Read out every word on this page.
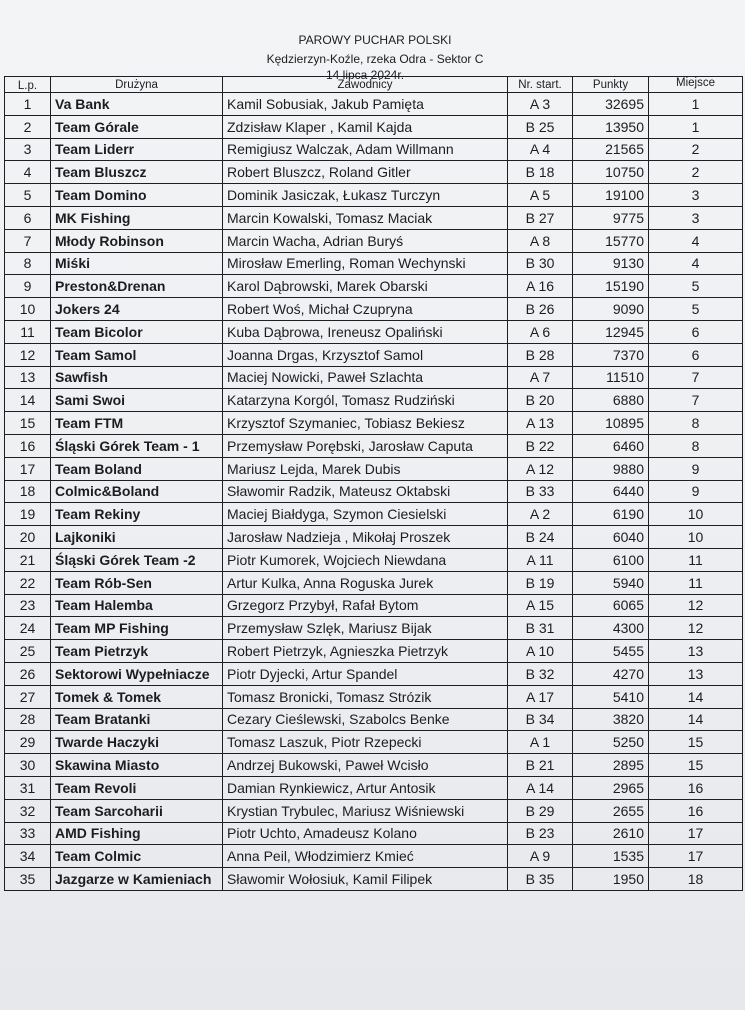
PAROWY PUCHAR POLSKI
Kędzierzyn-Koźle, rzeka Odra - Sektor C
14 lipca 2024r.
L.p.	Drużyna	Zawodnicy	Nr. start.	Punkty	Miejsce
1	Va Bank	Kamil Sobusiak, Jakub Pamięta	A 3	32695	1
2	Team Górale	Zdzisław Klaper , Kamil Kajda	B 25	13950	1
3	Team Liderr	Remigiusz Walczak, Adam Willmann	A 4	21565	2
4	Team Bluszcz	Robert Bluszcz, Roland Gitler	B 18	10750	2
5	Team Domino	Dominik Jasiczak, Łukasz Turczyn	A 5	19100	3
6	MK Fishing	Marcin Kowalski, Tomasz Maciak	B 27	9775	3
7	Młody Robinson	Marcin Wacha, Adrian Buryś	A 8	15770	4
8	Miśki	Mirosław Emerling, Roman Wechynski	B 30	9130	4
9	Preston&Drenan	Karol Dąbrowski, Marek Obarski	A 16	15190	5
10	Jokers 24	Robert Woś, Michał Czupryna	B 26	9090	5
11	Team Bicolor	Kuba Dąbrowa, Ireneusz Opaliński	A 6	12945	6
12	Team Samol	Joanna Drgas, Krzysztof Samol	B 28	7370	6
13	Sawfish	Maciej Nowicki, Paweł Szlachta	A 7	11510	7
14	Sami Swoi	Katarzyna Korgól, Tomasz Rudziński	B 20	6880	7
15	Team FTM	Krzysztof Szymaniec, Tobiasz Bekiesz	A 13	10895	8
16	Śląski Górek Team - 1	Przemysław Porębski, Jarosław Caputa	B 22	6460	8
17	Team Boland	Mariusz Lejda, Marek Dubis	A 12	9880	9
18	Colmic&Boland	Sławomir Radzik, Mateusz Oktabski	B 33	6440	9
19	Team Rekiny	Maciej Białdyga, Szymon Ciesielski	A 2	6190	10
20	Lajkoniki	Jarosław Nadzieja , Mikołaj Proszek	B 24	6040	10
21	Śląski Górek Team -2	Piotr Kumorek, Wojciech Niewdana	A 11	6100	11
22	Team Rób-Sen	Artur Kulka, Anna Roguska Jurek	B 19	5940	11
23	Team Halemba	Grzegorz Przybył, Rafał Bytom	A 15	6065	12
24	Team MP Fishing	Przemysław Szlęk, Mariusz Bijak	B 31	4300	12
25	Team Pietrzyk	Robert Pietrzyk, Agnieszka Pietrzyk	A 10	5455	13
26	Sektorowi Wypełniacze	Piotr Dyjecki, Artur Spandel	B 32	4270	13
27	Tomek & Tomek	Tomasz Bronicki, Tomasz Strózik	A 17	5410	14
28	Team Bratanki	Cezary Cieślewski, Szabolcs Benke	B 34	3820	14
29	Twarde Haczyki	Tomasz Laszuk, Piotr Rzepecki	A 1	5250	15
30	Skawina Miasto	Andrzej Bukowski, Paweł Wcisło	B 21	2895	15
31	Team Revoli	Damian Rynkiewicz, Artur Antosik	A 14	2965	16
32	Team Sarcoharii	Krystian Trybulec, Mariusz Wiśniewski	B 29	2655	16
33	AMD Fishing	Piotr Uchto, Amadeusz Kolano	B 23	2610	17
34	Team Colmic	Anna Peil, Włodzimierz Kmieć	A 9	1535	17
35	Jazgarze w Kamieniach	Sławomir Wołosiuk, Kamil Filipek	B 35	1950	18
